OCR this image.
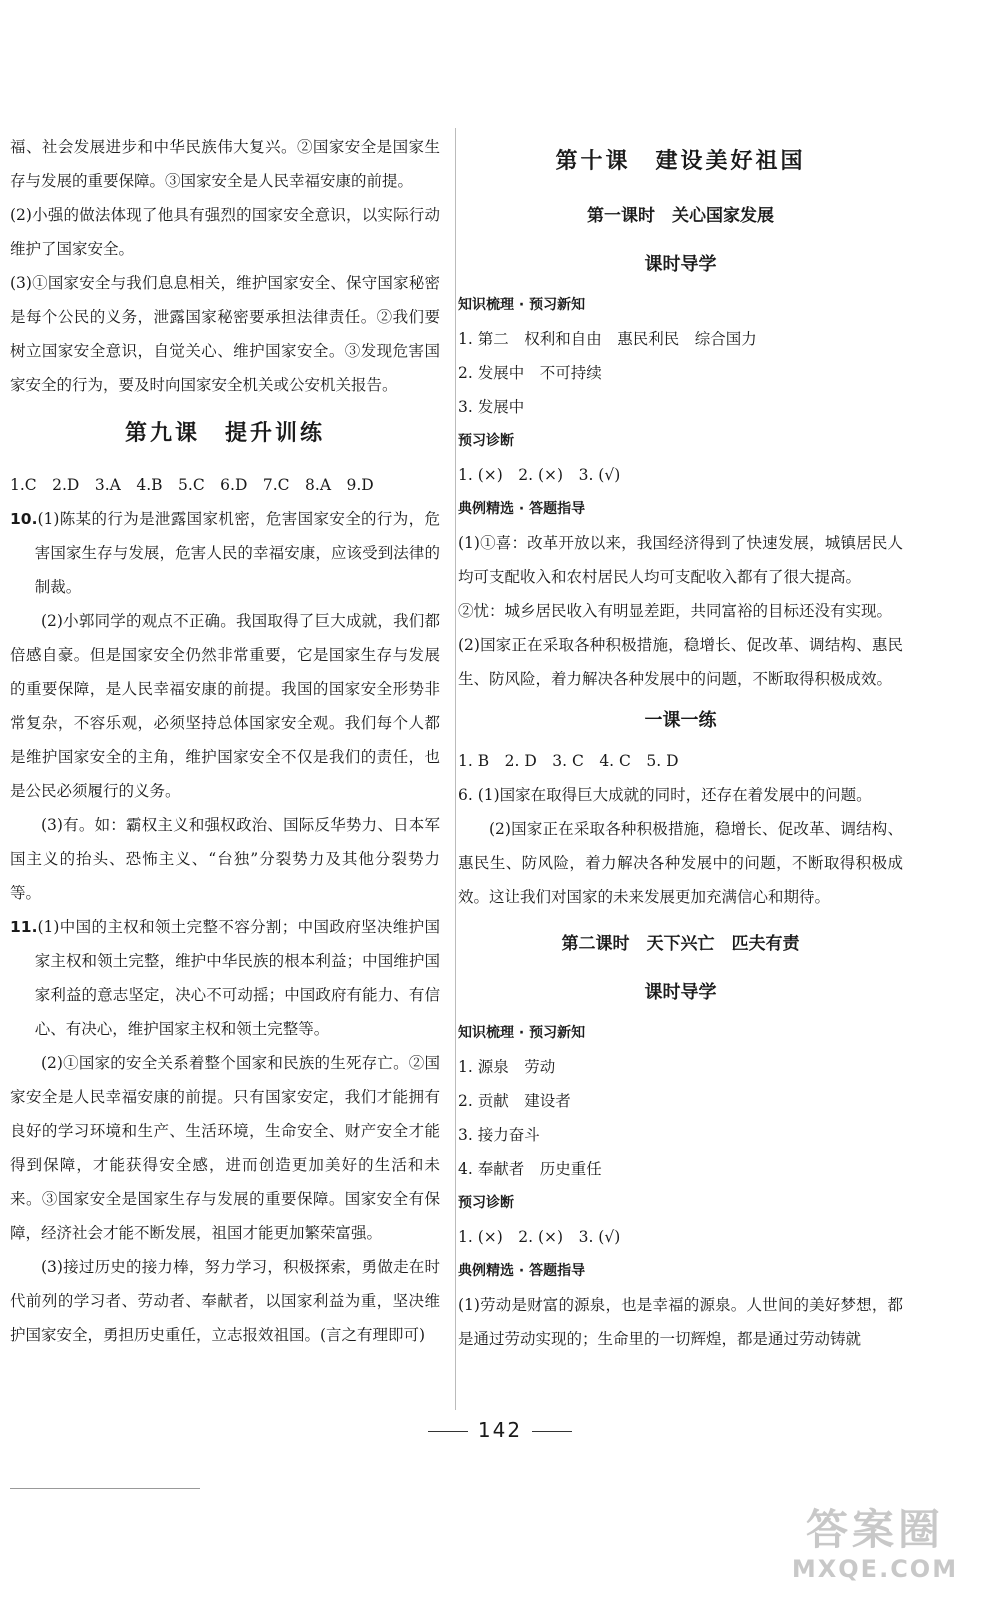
福、社会发展进步和中华民族伟大复兴。②国家安全是国家生存与发展的重要保障。③国家安全是人民幸福安康的前提。

(2)小强的做法体现了他具有强烈的国家安全意识，以实际行动维护了国家安全。

(3)①国家安全与我们息息相关，维护国家安全、保守国家秘密是每个公民的义务，泄露国家秘密要承担法律责任。②我们要树立国家安全意识，自觉关心、维护国家安全。③发现危害国家安全的行为，要及时向国家安全机关或公安机关报告。

第九课　提升训练

1.C　2.D　3.A　4.B　5.C　6.D　7.C　8.A　9.D

10.(1)陈某的行为是泄露国家机密，危害国家安全的行为，危害国家生存与发展，危害人民的幸福安康，应该受到法律的制裁。

(2)小郭同学的观点不正确。我国取得了巨大成就，我们都倍感自豪。但是国家安全仍然非常重要，它是国家生存与发展的重要保障，是人民幸福安康的前提。我国的国家安全形势非常复杂，不容乐观，必须坚持总体国家安全观。我们每个人都是维护国家安全的主角，维护国家安全不仅是我们的责任，也是公民必须履行的义务。

(3)有。如：霸权主义和强权政治、国际反华势力、日本军国主义的抬头、恐怖主义、“台独”分裂势力及其他分裂势力等。

11.(1)中国的主权和领土完整不容分割；中国政府坚决维护国家主权和领土完整，维护中华民族的根本利益；中国维护国家利益的意志坚定，决心不可动摇；中国政府有能力、有信心、有决心，维护国家主权和领土完整等。

(2)①国家的安全关系着整个国家和民族的生死存亡。②国家安全是人民幸福安康的前提。只有国家安定，我们才能拥有良好的学习环境和生产、生活环境，生命安全、财产安全才能得到保障，才能获得安全感，进而创造更加美好的生活和未来。③国家安全是国家生存与发展的重要保障。国家安全有保障，经济社会才能不断发展，祖国才能更加繁荣富强。

(3)接过历史的接力棒，努力学习，积极探索，勇做走在时代前列的学习者、劳动者、奉献者，以国家利益为重，坚决维护国家安全，勇担历史重任，立志报效祖国。(言之有理即可)

第十课　建设美好祖国
第一课时　关心国家发展
课时导学
知识梳理 · 预习新知

1. 第二　权利和自由　惠民利民　综合国力

2. 发展中　不可持续

3. 发展中

预习诊断

1. (×)　2. (×)　3. (√)

典例精选 · 答题指导

(1)①喜：改革开放以来，我国经济得到了快速发展，城镇居民人均可支配收入和农村居民人均可支配收入都有了很大提高。

②忧：城乡居民收入有明显差距，共同富裕的目标还没有实现。

(2)国家正在采取各种积极措施，稳增长、促改革、调结构、惠民生、防风险，着力解决各种发展中的问题，不断取得积极成效。

一课一练

1. B　2. D　3. C　4. C　5. D

6. (1)国家在取得巨大成就的同时，还存在着发展中的问题。

(2)国家正在采取各种积极措施，稳增长、促改革、调结构、惠民生、防风险，着力解决各种发展中的问题，不断取得积极成效。这让我们对国家的未来发展更加充满信心和期待。

第二课时　天下兴亡　匹夫有责
课时导学
知识梳理 · 预习新知

1. 源泉　劳动

2. 贡献　建设者

3. 接力奋斗

4. 奉献者　历史重任

预习诊断

1. (×)　2. (×)　3. (√)

典例精选 · 答题指导

(1)劳动是财富的源泉，也是幸福的源泉。人世间的美好梦想，都是通过劳动实现的；生命里的一切辉煌，都是通过劳动铸就

142
答案圈
MXQE.COM
